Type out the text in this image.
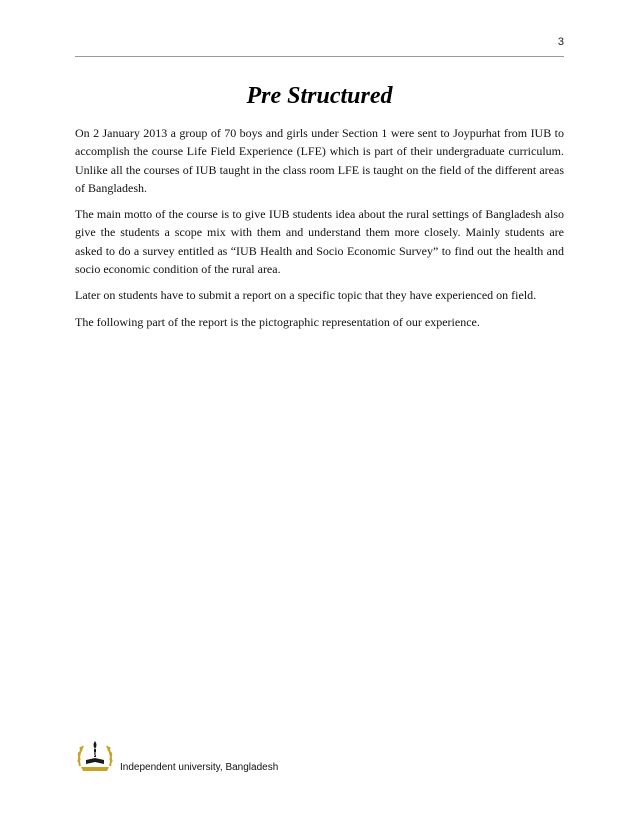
3
Pre Structured

On 2 January 2013 a group of 70 boys and girls under Section 1 were sent to Joypurhat from IUB to accomplish the course Life Field Experience (LFE) which is part of their undergraduate curriculum. Unlike all the courses of IUB taught in the class room LFE is taught on the field of the different areas of Bangladesh.

The main motto of the course is to give IUB students idea about the rural settings of Bangladesh also give the students a scope mix with them and understand them more closely. Mainly students are asked to do a survey entitled as “IUB Health and Socio Economic Survey” to find out the health and socio economic condition of the rural area.

Later on students have to submit a report on a specific topic that they have experienced on field.

The following part of the report is the pictographic representation of our experience.

IUB
Independent university, Bangladesh
